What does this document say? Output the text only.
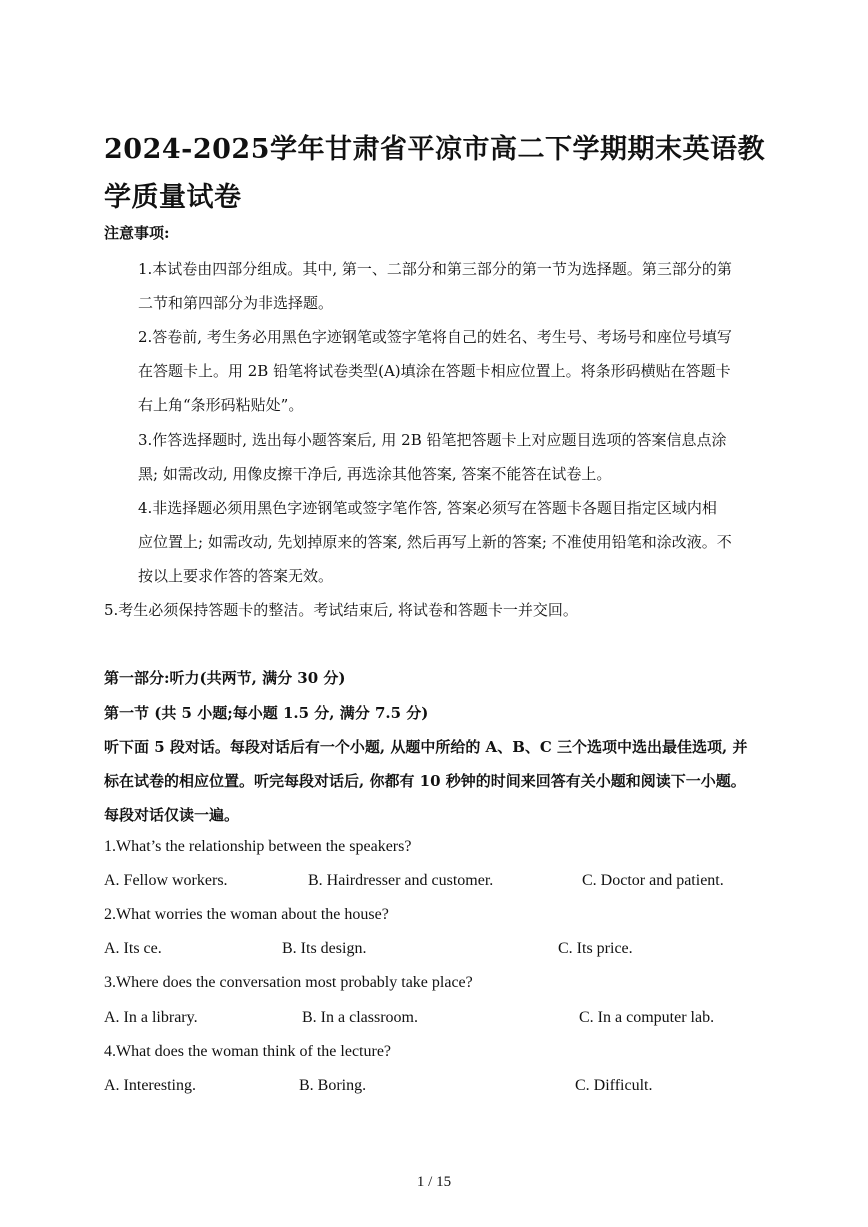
2024-2025学年甘肃省平凉市高二下学期期末英语教学质量试卷
注意事项:
1.本试卷由四部分组成。其中, 第一、二部分和第三部分的第一节为选择题。第三部分的第
二节和第四部分为非选择题。
2.答卷前, 考生务必用黑色字迹钢笔或签字笔将自己的姓名、考生号、考场号和座位号填写
在答题卡上。用 2B 铅笔将试卷类型(A)填涂在答题卡相应位置上。将条形码横贴在答题卡
右上角“条形码粘贴处”。
3.作答选择题时, 选出每小题答案后, 用 2B 铅笔把答题卡上对应题目选项的答案信息点涂
黑; 如需改动, 用像皮擦干净后, 再选涂其他答案, 答案不能答在试卷上。
4.非选择题必须用黑色字迹钢笔或签字笔作答, 答案必须写在答题卡各题目指定区域内相
应位置上; 如需改动, 先划掉原来的答案, 然后再写上新的答案; 不准使用铅笔和涂改液。不
按以上要求作答的答案无效。
5.考生必须保持答题卡的整洁。考试结束后, 将试卷和答题卡一并交回。
第一部分:听力(共两节, 满分 30 分)
第一节 (共 5 小题;每小题 1.5 分, 满分 7.5 分)
听下面 5 段对话。每段对话后有一个小题, 从题中所给的 A、B、C 三个选项中选出最佳选项, 并
标在试卷的相应位置。听完每段对话后, 你都有 10 秒钟的时间来回答有关小题和阅读下一小题。
每段对话仅读一遍。
1.What’s the relationship between the speakers?
A. Fellow workers.	B. Hairdresser and customer.	C. Doctor and patient.
2.What worries the woman about the house?
A. Its ce.	B. Its design.	C. Its price.
3.Where does the conversation most probably take place?
A. In a library.	B. In a classroom.	C. In a computer lab.
4.What does the woman think of the lecture?
A. Interesting.	B. Boring.	C. Difficult.
1 / 15
